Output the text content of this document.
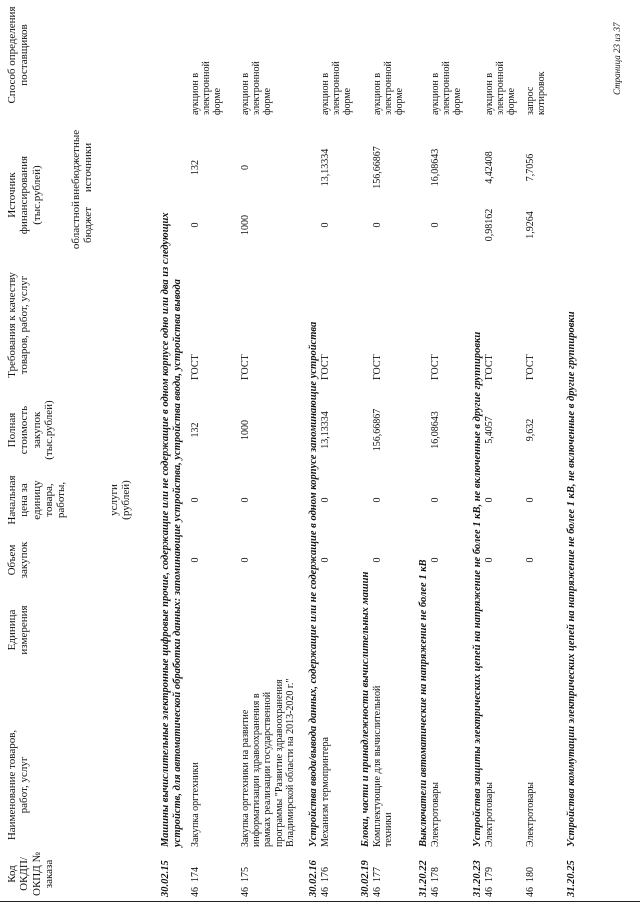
Код ОКДП/ ОКПД № заказа
Наименование товаров, работ, услуг
Единица измерения
Объем закупок
Начальная цена за единицу товара, работы,	услуги (рублей)
Полная стоимость закупок (тыс.рублей)
Требования к качеству товаров, работ, услуг
Источник финансирования (тыс.рублей)
областной бюджет
внебюджетные источники
Способ определения поставщиков
30.02.15
Машины вычислительные электронные цифровые прочие, содержащие или не содержащие в одном корпусе одно или два из следующих устройств, для автоматической обработки данных: запоминающие устройства, устройства ввода, устройства вывода
46  174
Закупка оргтехники
0
0
132
ГОСТ
0
132
аукцион в электронной форме
46  175
Закупка оргтехники на развитие информатизации здравоохранения в рамках реализации государственной программы "Развитие здравоохранения Владимирской области на 2013-2020 г."
0
0
1000
ГОСТ
1000
0
аукцион в электронной форме
30.02.16
Устройства ввода/вывода данных, содержащие или не содержащие в одном корпусе запоминающие устройства
46  176
Механизм термопринтера
0
0
13,13334
ГОСТ
0
13,13334
аукцион в электронной форме
30.02.19
Блоки, части и принадлежности вычислительных машин
46  177
Комплектующие для вычислительной техники
0
0
156,66867
ГОСТ
0
156,66867
аукцион в электронной форме
31.20.22
Выключатели автоматические на напряжение не более 1 кВ
46  178
Электротовары
0
0
16,08643
ГОСТ
0
16,08643
аукцион в электронной форме
31.20.23
Устройства защиты электрических цепей на напряжение не более 1 кВ, не включенные в другие группировки
46  179
Электротовары
0
0
5,4057
ГОСТ
0,98162
4,42408
аукцион в электронной форме
46  180
Электротовары
0
0
9,632
ГОСТ
1,9264
7,7056
запрос котировок
31.20.25
Устройства коммутации электрических цепей на напряжение не более 1 кВ, не включенные в другие группировки
Страница 23 из 37
